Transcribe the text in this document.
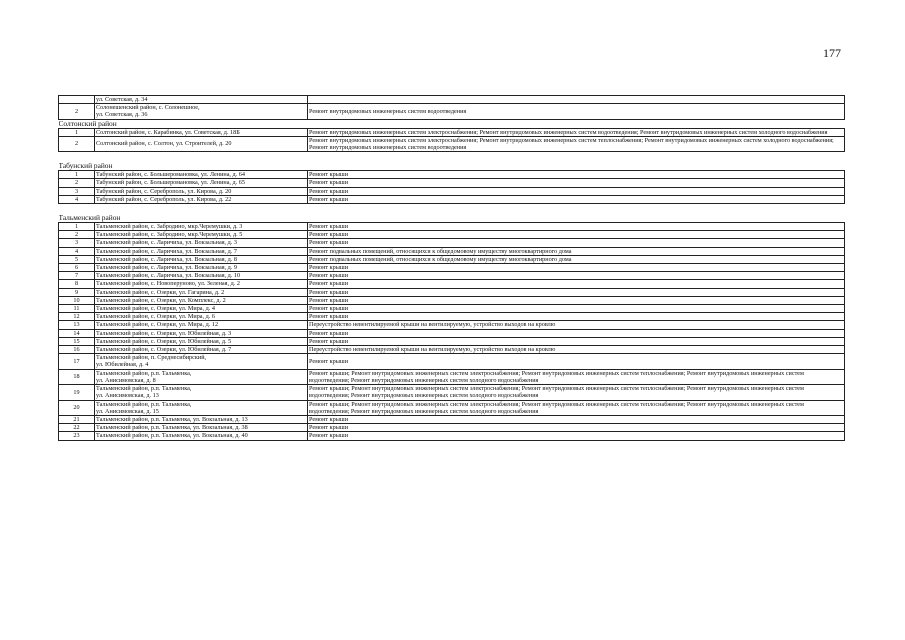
177
	ул. Советская, д. 34	
2	Солонешенский район, с. Солонешное,
ул. Советская, д. 36	Ремонт внутридомовых инженерных систем водоотведения
Солтонский район		
1	Солтонский район, с. Карабинка, ул. Советская, д. 18Б	Ремонт внутридомовых инженерных систем электроснабжения; Ремонт внутридомовых инженерных систем водоотведения; Ремонт внутридомовых инженерных систем холодного водоснабжения
2	Солтонский район, с. Солтон, ул. Строителей, д. 20	Ремонт внутридомовых инженерных систем электроснабжения; Ремонт внутридомовых инженерных систем теплоснабжения; Ремонт внутридомовых инженерных систем холодного водоснабжения; Ремонт внутридомовых инженерных систем водоотведения

Табунский район		
1	Табунский район, с. Большеромановка, ул. Ленина, д. 64	Ремонт крыши
2	Табунский район, с. Большеромановка, ул. Ленина, д. 65	Ремонт крыши
3	Табунский район, с. Сереброполь, ул. Кирова, д. 20	Ремонт крыши
4	Табунский район, с. Сереброполь, ул. Кирова, д. 22	Ремонт крыши

Тальменский район		
1	Тальменский район, с. Забродино, мкр.Черемушки, д. 3	Ремонт крыши
2	Тальменский район, с. Забродино, мкр.Черемушки, д. 5	Ремонт крыши
3	Тальменский район, с. Ларичиха, ул. Вокзальная, д. 3	Ремонт крыши
4	Тальменский район, с. Ларичиха, ул. Вокзальная, д. 7	Ремонт подвальных помещений, относящихся к общедомовому имуществу многоквартирного дома
5	Тальменский район, с. Ларичиха, ул. Вокзальная, д. 8	Ремонт подвальных помещений, относящихся к общедомовому имуществу многоквартирного дома
6	Тальменский район, с. Ларичиха, ул. Вокзальная, д. 9	Ремонт крыши
7	Тальменский район, с. Ларичиха, ул. Вокзальная, д. 10	Ремонт крыши
8	Тальменский район, с. Новоперуново, ул. Зеленая, д. 2	Ремонт крыши
9	Тальменский район, с. Озерки, ул. Гагарина, д. 2	Ремонт крыши
10	Тальменский район, с. Озерки, ул. Комплекс, д. 2	Ремонт крыши
11	Тальменский район, с. Озерки, ул. Мира, д. 4	Ремонт крыши
12	Тальменский район, с. Озерки, ул. Мира, д. 6	Ремонт крыши
13	Тальменский район, с. Озерки, ул. Мира, д. 12	Переустройство невентилируемой крыши на вентилируемую, устройство выходов на кровлю
14	Тальменский район, с. Озерки, ул. Юбилейная, д. 3	Ремонт крыши
15	Тальменский район, с. Озерки, ул. Юбилейная, д. 5	Ремонт крыши
16	Тальменский район, с. Озерки, ул. Юбилейная, д. 7	Переустройство невентилируемой крыши на вентилируемую, устройство выходов на кровлю
17	Тальменский район, п. Среднесибирский,
ул. Юбилейная, д. 4	Ремонт крыши
18	Тальменский район, р.п. Тальменка,
ул. Анисимовская, д. 8	Ремонт крыши; Ремонт внутридомовых инженерных систем электроснабжения; Ремонт внутридомовых инженерных систем теплоснабжения; Ремонт внутридомовых инженерных систем водоотведения; Ремонт внутридомовых инженерных систем холодного водоснабжения
19	Тальменский район, р.п. Тальменка,
ул. Анисимовская, д. 13	Ремонт крыши; Ремонт внутридомовых инженерных систем электроснабжения; Ремонт внутридомовых инженерных систем теплоснабжения; Ремонт внутридомовых инженерных систем водоотведения; Ремонт внутридомовых инженерных систем холодного водоснабжения
20	Тальменский район, р.п. Тальменка,
ул. Анисимовская, д. 15	Ремонт крыши; Ремонт внутридомовых инженерных систем электроснабжения; Ремонт внутридомовых инженерных систем теплоснабжения; Ремонт внутридомовых инженерных систем водоотведения; Ремонт внутридомовых инженерных систем холодного водоснабжения
21	Тальменский район, р.п. Тальменка, ул. Вокзальная, д. 13	Ремонт крыши
22	Тальменский район, р.п. Тальменка, ул. Вокзальная, д. 38	Ремонт крыши
23	Тальменский район, р.п. Тальменка, ул. Вокзальная, д. 40	Ремонт крыши
